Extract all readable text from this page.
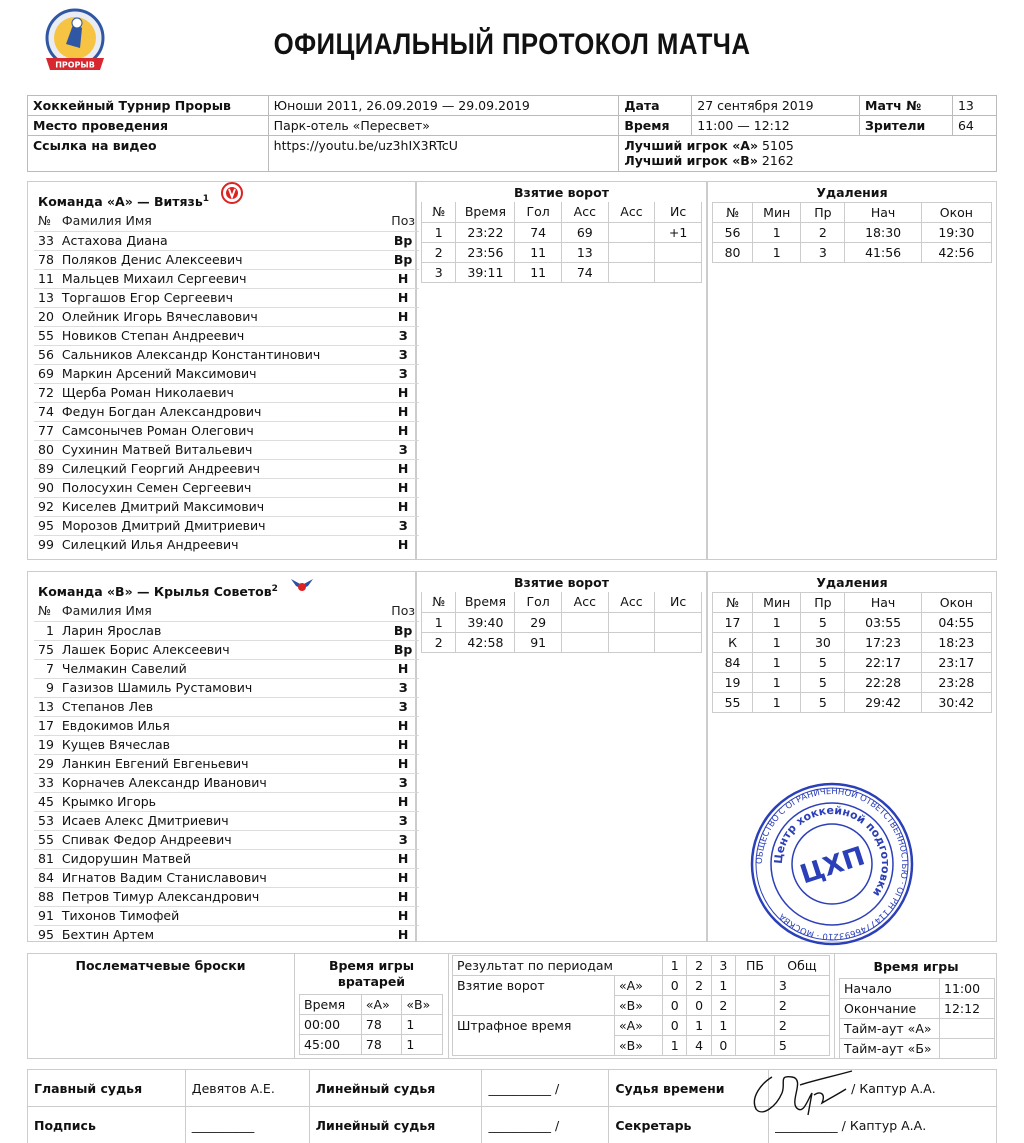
ПРОРЫВ
ОФИЦИАЛЬНЫЙ ПРОТОКОЛ МАТЧА
Хоккейный Турнир Прорыв	Юноши 2011, 26.09.2019 — 29.09.2019	Дата	27 сентября 2019	Матч №	13
Место проведения	Парк-отель «Пересвет»	Время	11:00 — 12:12	Зрители	64
Ссылка на видео	https://youtu.be/uz3hIX3RTcU	Лучший игрок «А» 5105
Лучший игрок «В» 2162			
Команда «А» — Витязь$^1$
№	Фамилия Имя	Поз
33	Астахова Диана	Вр
78	Поляков Денис Алексеевич	Вр
11	Мальцев Михаил Сергеевич	Н
13	Торгашов Егор Сергеевич	Н
20	Олейник Игорь Вячеславович	Н
55	Новиков Степан Андреевич	З
56	Сальников Александр Константинович	З
69	Маркин Арсений Максимович	З
72	Щерба Роман Николаевич	Н
74	Федун Богдан Александрович	Н
77	Самсонычев Роман Олегович	Н
80	Сухинин Матвей Витальевич	З
89	Силецкий Георгий Андреевич	Н
90	Полосухин Семен Сергеевич	Н
92	Киселев Дмитрий Максимович	Н
95	Морозов Дмитрий Дмитриевич	З
99	Силецкий Илья Андреевич	Н
Взятие ворот
№	Время	Гол	Асс	Асс	Ис
1	23:22	74	69		+1
2	23:56	11	13		
3	39:11	11	74		
Удаления
№	Мин	Пр	Нач	Окон
56	1	2	18:30	19:30
80	1	3	41:56	42:56
Команда «В» — Крылья Советов$^2$
№	Фамилия Имя	Поз
1	Ларин Ярослав	Вр
75	Лашек Борис Алексеевич	Вр
7	Челмакин Савелий	Н
9	Газизов Шамиль Рустамович	З
13	Степанов Лев	З
17	Евдокимов Илья	Н
19	Кущев Вячеслав	Н
29	Ланкин Евгений Евгеньевич	Н
33	Корначев Александр Иванович	З
45	Крымко Игорь	Н
53	Исаев Алекс Дмитриевич	З
55	Спивак Федор Андреевич	З
81	Сидорушин Матвей	Н
84	Игнатов Вадим Станиславович	Н
88	Петров Тимур Александрович	Н
91	Тихонов Тимофей	Н
95	Бехтин Артем	Н
Взятие ворот
№	Время	Гол	Асс	Асс	Ис
1	39:40	29			
2	42:58	91			
Удаления
№	Мин	Пр	Нач	Окон
17	1	5	03:55	04:55
К	1	30	17:23	18:23
84	1	5	22:17	23:17
19	1	5	22:28	23:28
55	1	5	29:42	30:42
ОБЩЕСТВО С ОГРАНИЧЕННОЙ ОТВЕТСТВЕННОСТЬЮ · ОГРН 1147746693210 · МОСКВА
Центр хоккейной подготовки
ЦХП
Послематчевые броски	Время игры вратарей
Время	«А»	«В»
00:00	78	1
45:00	78	1
Результат по периодам		1	2	3	ПБ	Общ
Взятие ворот	«А»	0	2	1		3
	«В»	0	0	2		2
Штрафное время	«А»	0	1	1		2
	«В»	1	4	0		5
Время игры
Начало	11:00
Окончание	12:12
Тайм-аут «А»	
Тайм-аут «Б»	
Главный судья	Девятов А.Е.	Линейный судья	__________ /	Судья времени	/ Каптур А.А.
Подпись	__________	Линейный судья	__________ /	Секретарь	__________ / Каптур А.А.
